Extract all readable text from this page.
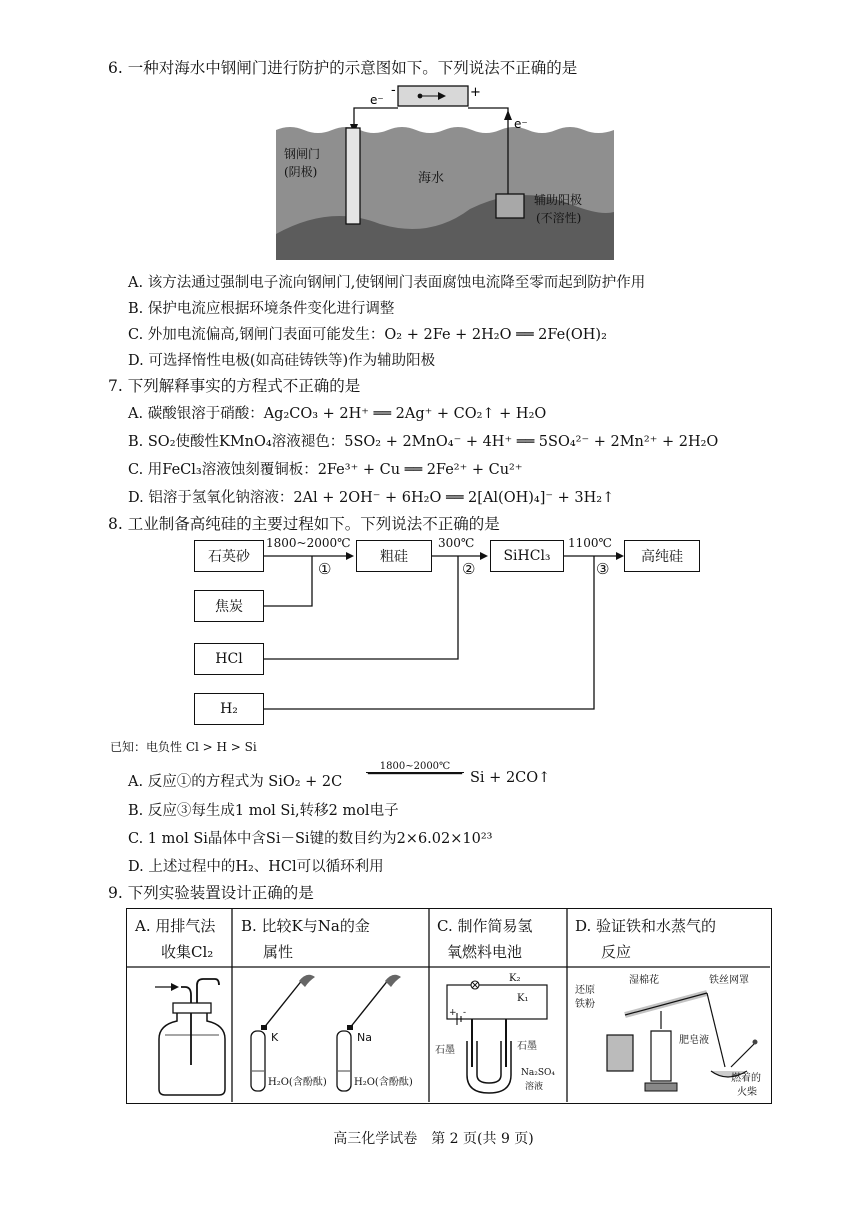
6. 一种对海水中钢闸门进行防护的示意图如下。下列说法不正确的是
-	+
e⁻
e⁻
钢闸门
(阴极)	海水
辅助阳极
(不溶性)
A. 该方法通过强制电子流向钢闸门,使钢闸门表面腐蚀电流降至零而起到防护作用
B. 保护电流应根据环境条件变化进行调整
C. 外加电流偏高,钢闸门表面可能发生：O₂ + 2Fe + 2H₂O ══ 2Fe(OH)₂
D. 可选择惰性电极(如高硅铸铁等)作为辅助阳极
7. 下列解释事实的方程式不正确的是
A. 碳酸银溶于硝酸：Ag₂CO₃ + 2H⁺ ══ 2Ag⁺ + CO₂↑ + H₂O
B. SO₂使酸性KMnO₄溶液褪色：5SO₂ + 2MnO₄⁻ + 4H⁺ ══ 5SO₄²⁻ + 2Mn²⁺ + 2H₂O
C. 用FeCl₃溶液蚀刻覆铜板：2Fe³⁺ + Cu ══ 2Fe²⁺ + Cu²⁺
D. 铝溶于氢氧化钠溶液：2Al + 2OH⁻ + 6H₂O ══ 2[Al(OH)₄]⁻ + 3H₂↑
8. 工业制备高纯硅的主要过程如下。下列说法不正确的是
石英砂	粗硅	SiHCl₃	高纯硅
焦炭
HCl
H₂
1800~2000℃	300℃	1100℃
①	②	③
已知：电负性 Cl > H > Si
A. 反应①的方程式为 SiO₂ + 2C
1800~2000℃
Si + 2CO↑
B. 反应③每生成1 mol Si,转移2 mol电子
C. 1 mol Si晶体中含Si－Si键的数目约为2×6.02×10²³
D. 上述过程中的H₂、HCl可以循环利用
9. 下列实验装置设计正确的是
A. 用排气法
收集Cl₂
B. 比较K与Na的金
属性
C. 制作简易氢
氧燃料电池
D. 验证铁和水蒸气的
反应
K	Na
H₂O(含酚酞)	H₂O(含酚酞)
+ -
K₂
K₁
石墨	石墨
Na₂SO₄
溶液
还原
铁粉
湿棉花	铁丝网罩
肥皂液
燃着的
火柴
高三化学试卷　第 2 页(共 9 页)
